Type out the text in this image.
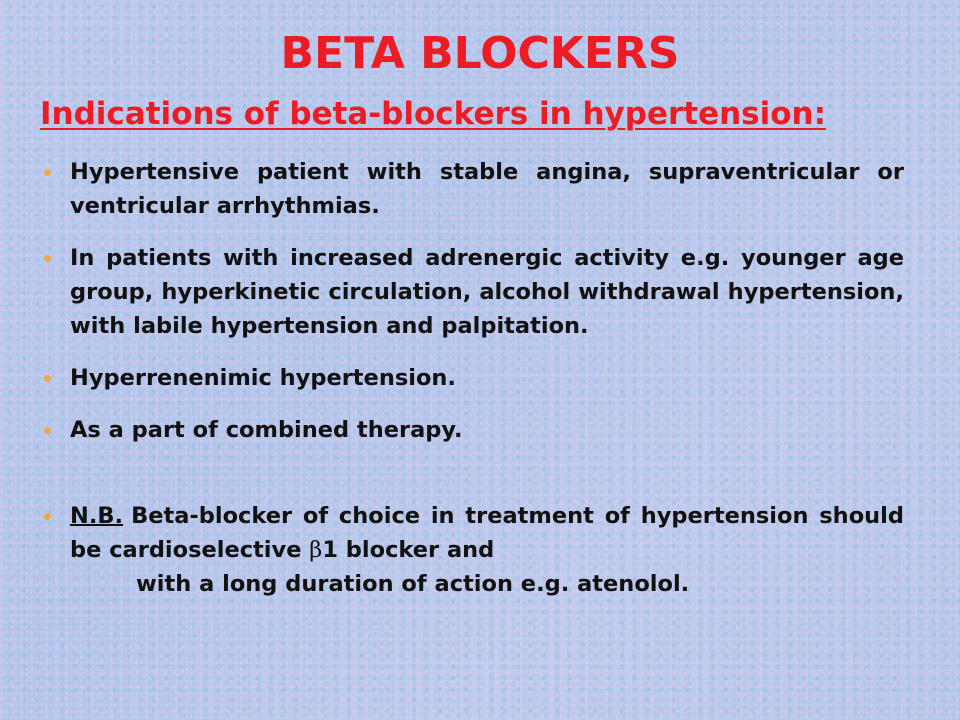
BETA BLOCKERS
Indications of beta-blockers in hypertension:
Hypertensive patient with stable angina, supraventricular or ventricular arrhythmias.
In patients with increased adrenergic activity e.g. younger age group, hyperkinetic circulation, alcohol withdrawal hypertension, with labile hypertension and palpitation.
Hyperrenenimic hypertension.
As a part of combined therapy.
N.B. Beta-blocker of choice in treatment of hypertension should be cardioselective β1 blocker and
with a long duration of action e.g. atenolol.
